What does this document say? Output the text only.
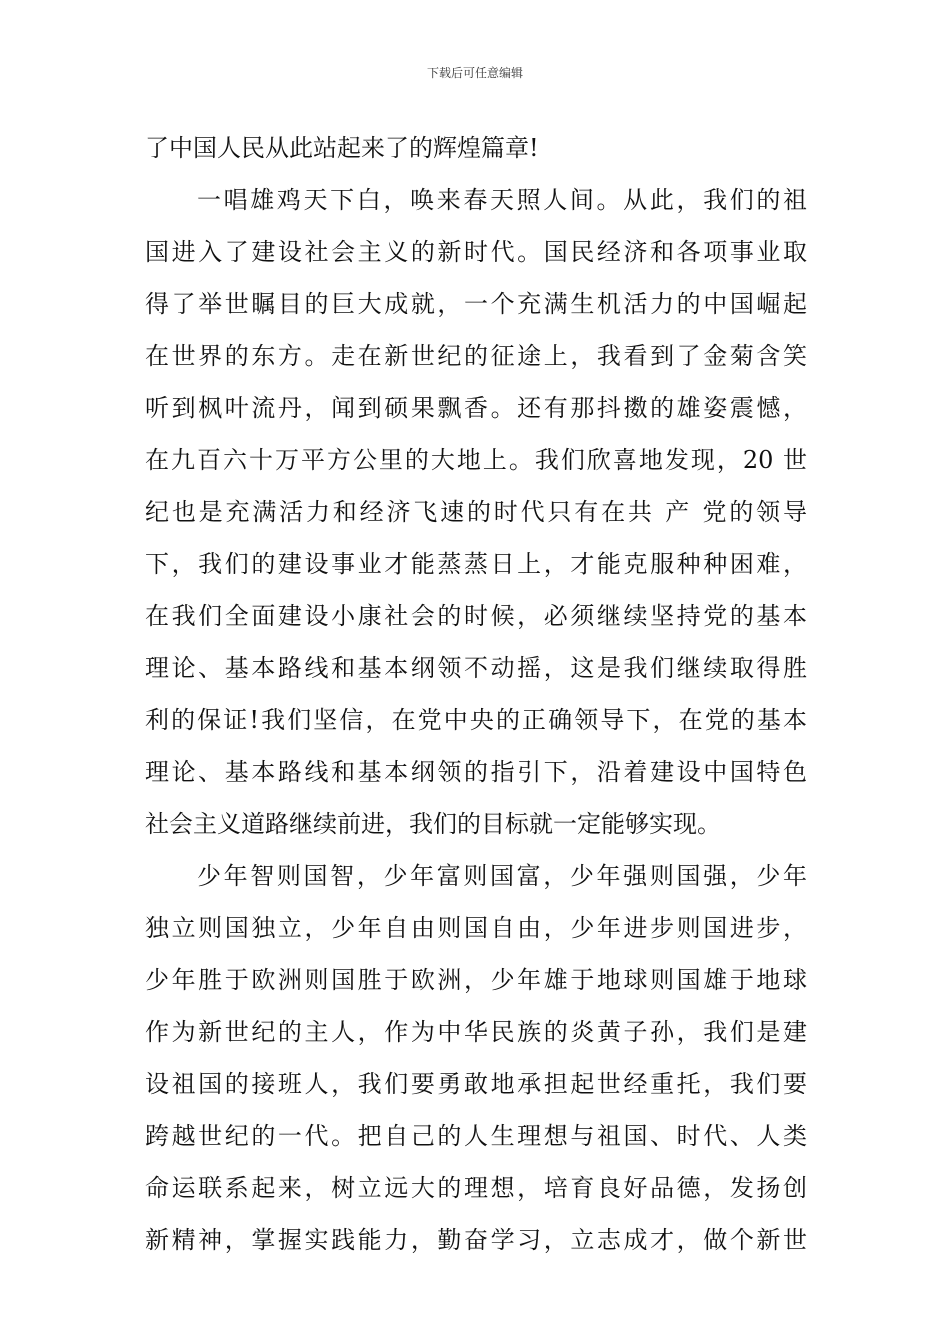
下载后可任意编辑
了中国人民从此站起来了的辉煌篇章!
一唱雄鸡天下白，唤来春天照人间。从此，我们的祖
国进入了建设社会主义的新时代。国民经济和各项事业取
得了举世瞩目的巨大成就，一个充满生机活力的中国崛起
在世界的东方。走在新世纪的征途上，我看到了金菊含笑
听到枫叶流丹，闻到硕果飘香。还有那抖擞的雄姿震憾，
在九百六十万平方公里的大地上。我们欣喜地发现，20 世
纪也是充满活力和经济飞速的时代只有在共 产 党的领导
下，我们的建设事业才能蒸蒸日上，才能克服种种困难，
在我们全面建设小康社会的时候，必须继续坚持党的基本
理论、基本路线和基本纲领不动摇，这是我们继续取得胜
利的保证!我们坚信，在党中央的正确领导下，在党的基本
理论、基本路线和基本纲领的指引下，沿着建设中国特色
社会主义道路继续前进，我们的目标就一定能够实现。
少年智则国智，少年富则国富，少年强则国强，少年
独立则国独立，少年自由则国自由，少年进步则国进步，
少年胜于欧洲则国胜于欧洲，少年雄于地球则国雄于地球
作为新世纪的主人，作为中华民族的炎黄子孙，我们是建
设祖国的接班人，我们要勇敢地承担起世经重托，我们要
跨越世纪的一代。把自己的人生理想与祖国、时代、人类
命运联系起来，树立远大的理想，培育良好品德，发扬创
新精神，掌握实践能力，勤奋学习，立志成才，做个新世
